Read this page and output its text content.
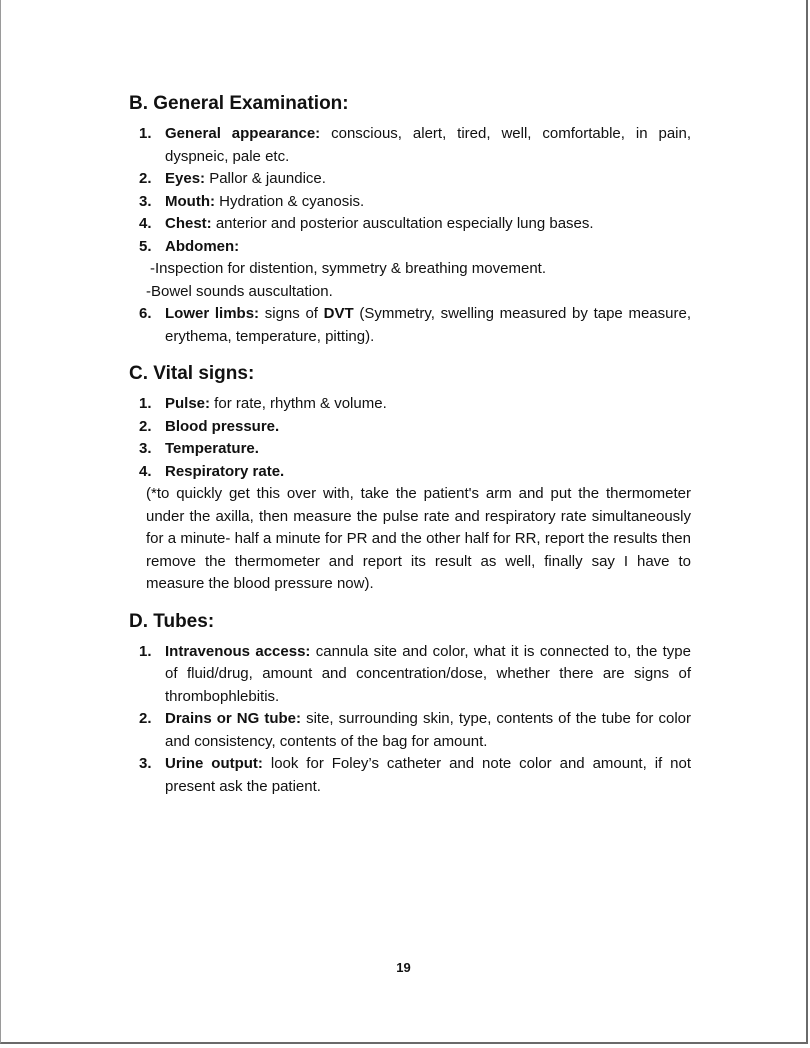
B. General Examination:
1. General appearance: conscious, alert, tired, well, comfortable, in pain, dyspneic, pale etc.
2. Eyes: Pallor & jaundice.
3. Mouth: Hydration & cyanosis.
4. Chest: anterior and posterior auscultation especially lung bases.
5. Abdomen:
-Inspection for distention, symmetry & breathing movement.
-Bowel sounds auscultation.
6. Lower limbs: signs of DVT (Symmetry, swelling measured by tape measure, erythema, temperature, pitting).
C. Vital signs:
1. Pulse: for rate, rhythm & volume.
2. Blood pressure.
3. Temperature.
4. Respiratory rate.
(*to quickly get this over with, take the patient's arm and put the thermometer under the axilla, then measure the pulse rate and respiratory rate simultaneously for a minute- half a minute for PR and the other half for RR, report the results then remove the thermometer and report its result as well, finally say I have to measure the blood pressure now).
D. Tubes:
1. Intravenous access: cannula site and color, what it is connected to, the type of fluid/drug, amount and concentration/dose, whether there are signs of thrombophlebitis.
2. Drains or NG tube: site, surrounding skin, type, contents of the tube for color and consistency, contents of the bag for amount.
3. Urine output: look for Foley’s catheter and note color and amount, if not present ask the patient.
19
